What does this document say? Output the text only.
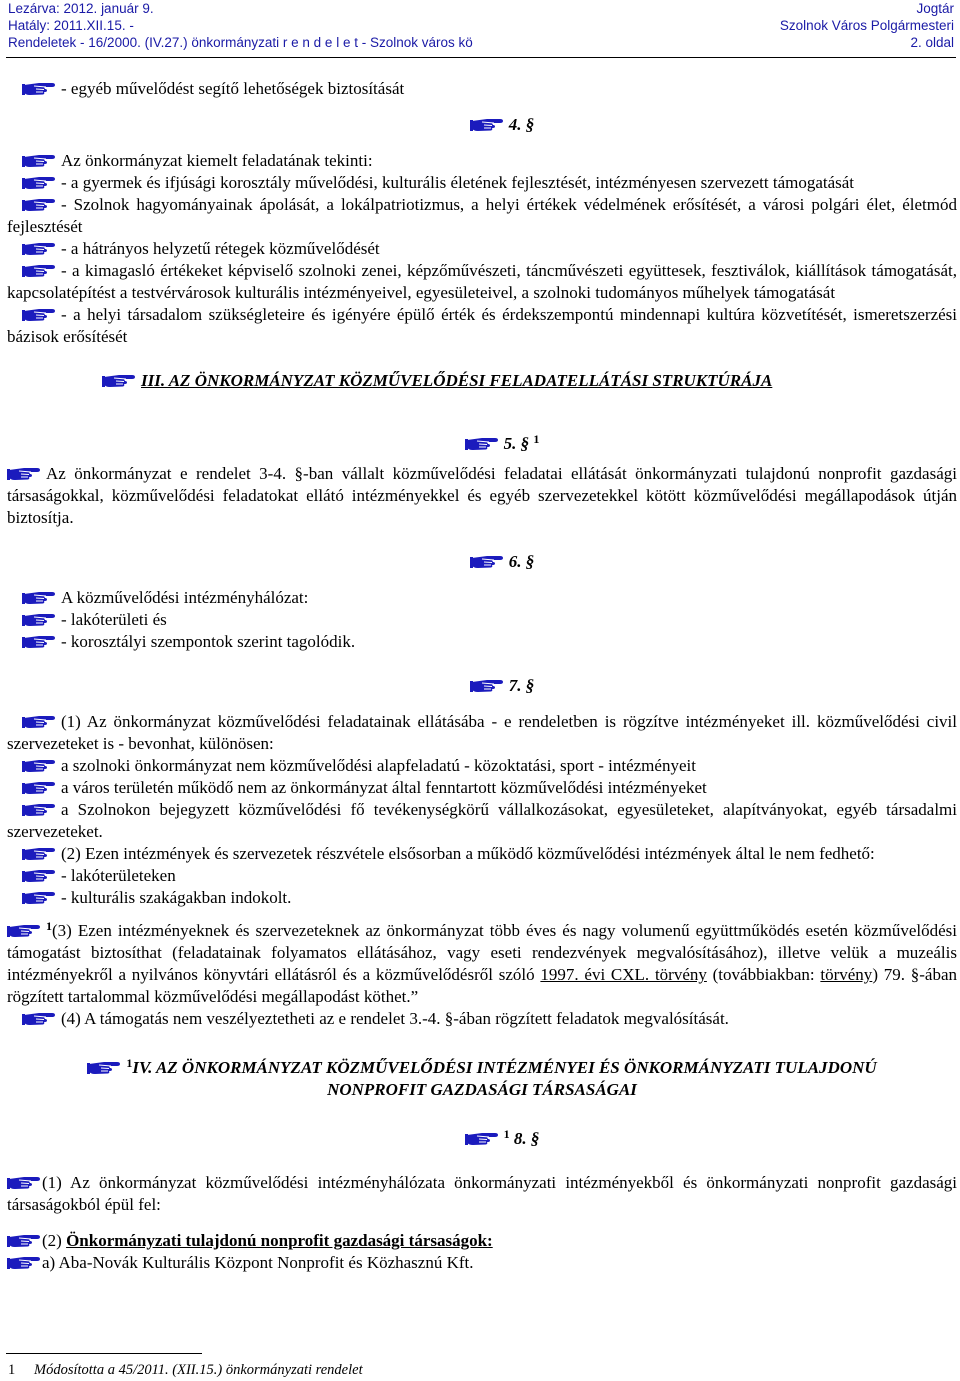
Lezárva: 2012. január 9.
Hatály: 2011.XII.15. -
Rendeletek - 16/2000. (IV.27.) önkormányzati r e n d e l e t - Szolnok város kö
Jogtár
Szolnok Város Polgármesteri
2. oldal

- egyéb művelődést segítő lehetőségek biztosítását

4. §

Az önkormányzat kiemelt feladatának tekinti:

- a gyermek és ifjúsági korosztály művelődési, kulturális életének fejlesztését, intézményesen szervezett támogatását

- Szolnok hagyományainak ápolását, a lokálpatriotizmus, a helyi értékek védelmének erősítését, a városi polgári élet, életmód fejlesztését

- a hátrányos helyzetű rétegek közművelődését

- a kimagasló értékeket képviselő szolnoki zenei, képzőművészeti, táncművészeti együttesek, fesztiválok, kiállítások támogatását, kapcsolatépítést a testvérvárosok kulturális intézményeivel, egyesületeivel, a szolnoki tudományos műhelyek támogatását

- a helyi társadalom szükségleteire és igényére épülő érték és érdekszempontú mindennapi kultúra közvetítését, ismeretszerzési bázisok erősítését

III. AZ ÖNKORMÁNYZAT KÖZMŰVELŐDÉSI FELADATELLÁTÁSI STRUKTÚRÁJA

5. § $^1$

Az önkormányzat e rendelet 3-4. §-ban vállalt közművelődési feladatai ellátását önkormányzati tulajdonú nonprofit gazdasági társaságokkal, közművelődési feladatokat ellátó intézményekkel és egyéb szervezetekkel kötött közművelődési megállapodások útján biztosítja.

6. §

A közművelődési intézményhálózat:

- lakóterületi és

- korosztályi szempontok szerint tagolódik.

7. §

(1) Az önkormányzat közművelődési feladatainak ellátásába - e rendeletben is rögzítve intézményeket ill. közművelődési civil szervezeteket is - bevonhat, különösen:

a szolnoki önkormányzat nem közművelődési alapfeladatú - közoktatási, sport - intézményeit

a város területén működő nem az önkormányzat által fenntartott közművelődési intézményeket

a Szolnokon bejegyzett közművelődési fő tevékenységkörű vállalkozásokat, egyesületeket, alapítványokat, egyéb társadalmi szervezeteket.

(2) Ezen intézmények és szervezetek részvétele elsősorban a működő közművelődési intézmények által le nem fedhető:

- lakóterületeken

- kulturális szakágakban indokolt.

$^1$(3) Ezen intézményeknek és szervezeteknek az önkormányzat több éves és nagy volumenű együttműködés esetén közművelődési támogatást biztosíthat (feladatainak folyamatos ellátásához, vagy eseti rendezvények megvalósításához), illetve velük a muzeális intézményekről a nyilvános könyvtári ellátásról és a közművelődésről szóló 1997. évi CXL. törvény (továbbiakban: törvény) 79. §-ában rögzített tartalommal közművelődési megállapodást köthet.”

(4) A támogatás nem veszélyeztetheti az e rendelet 3.-4. §-ában rögzített feladatok megvalósítását.

$^1$IV. AZ ÖNKORMÁNYZAT KÖZMŰVELŐDÉSI INTÉZMÉNYEI ÉS ÖNKORMÁNYZATI TULAJDONÚ
NONPROFIT GAZDASÁGI TÁRSASÁGAI

$^1$ 8. §

(1) Az önkormányzat közművelődési intézményhálózata önkormányzati intézményekből és önkormányzati nonprofit gazdasági társaságokból épül fel:

(2) Önkormányzati tulajdonú nonprofit gazdasági társaságok:

a) Aba-Novák Kulturális Központ Nonprofit és Közhasznú Kft.

1 Módosította a 45/2011. (XII.15.) önkormányzati rendelet
